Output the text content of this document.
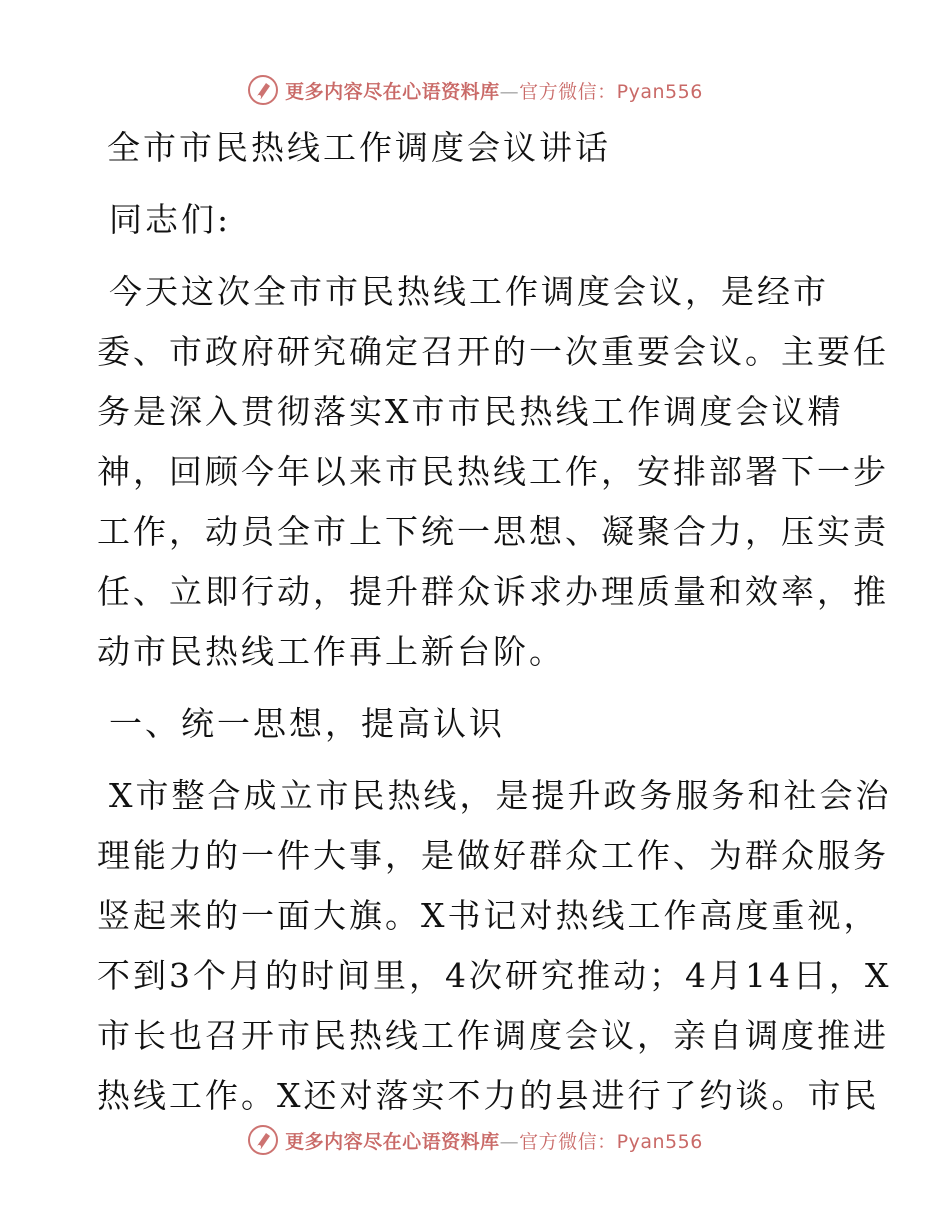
更多内容尽在心语资料库—官方微信：Pyan556
全市市民热线工作调度会议讲话
同志们:
今天这次全市市民热线工作调度会议，是经市
委、市政府研究确定召开的一次重要会议。主要任
务是深入贯彻落实X市市民热线工作调度会议精
神，回顾今年以来市民热线工作，安排部署下一步
工作，动员全市上下统一思想、凝聚合力，压实责
任、立即行动，提升群众诉求办理质量和效率，推
动市民热线工作再上新台阶。
一、统一思想，提高认识
X市整合成立市民热线，是提升政务服务和社会治
理能力的一件大事，是做好群众工作、为群众服务
竖起来的一面大旗。X书记对热线工作高度重视，
不到3个月的时间里，4次研究推动；4月14日，X
市长也召开市民热线工作调度会议，亲自调度推进
热线工作。X还对落实不力的县进行了约谈。市民
更多内容尽在心语资料库—官方微信：Pyan556
